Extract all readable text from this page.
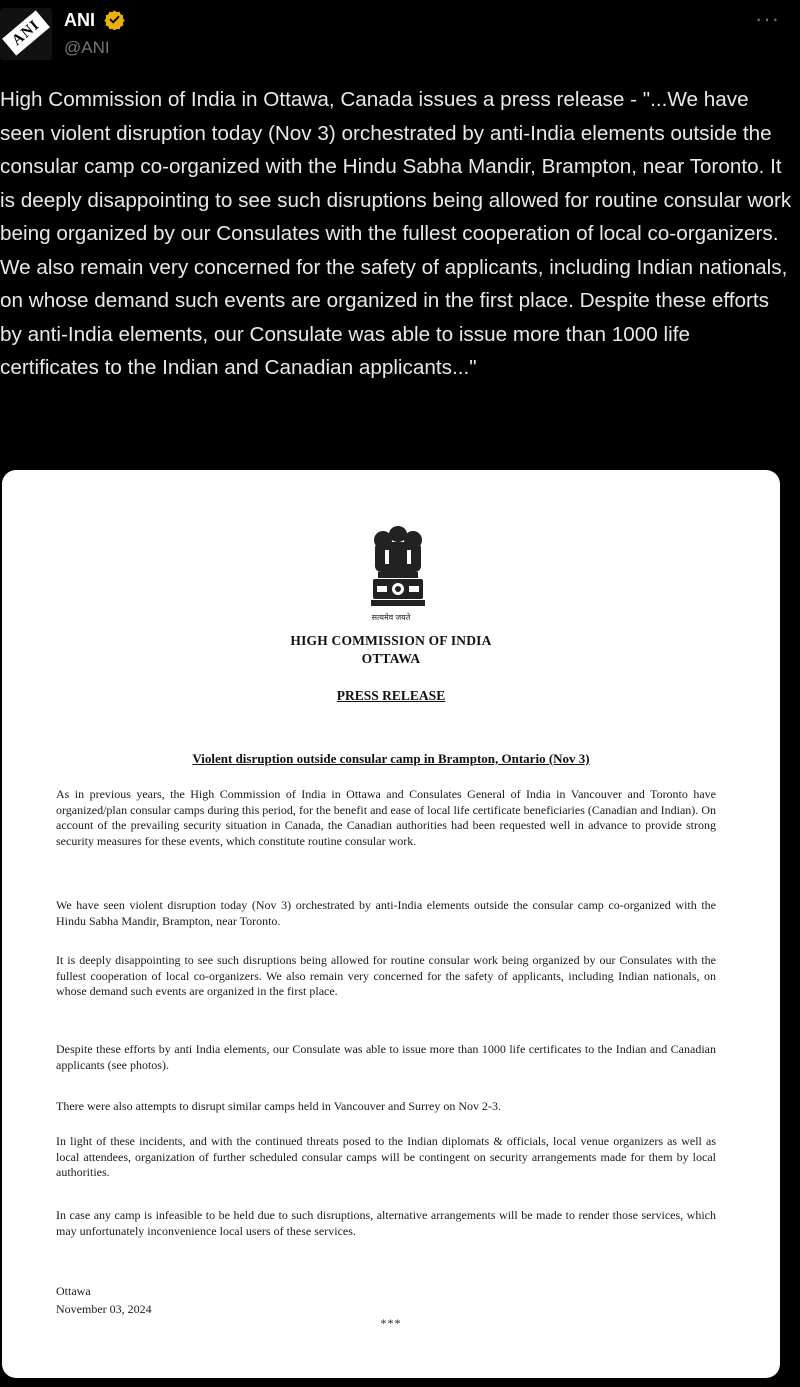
ANI	ANI
@ANI
···
High Commission of India in Ottawa, Canada issues a press release - "...We have seen violent disruption today (Nov 3) orchestrated by anti-India elements outside the consular camp co-organized with the Hindu Sabha Mandir, Brampton, near Toronto. It is deeply disappointing to see such disruptions being allowed for routine consular work being organized by our Consulates with the fullest cooperation of local co-organizers. We also remain very concerned for the safety of applicants, including Indian nationals, on whose demand such events are organized in the first place. Despite these efforts by anti-India elements, our Consulate was able to issue more than 1000 life certificates to the Indian and Canadian applicants..."
सत्यमेव जयते
HIGH COMMISSION OF INDIA
OTTAWA
PRESS RELEASE
Violent disruption outside consular camp in Brampton, Ontario (Nov 3)
As in previous years, the High Commission of India in Ottawa and Consulates General of India in Vancouver and Toronto have organized/plan consular camps during this period, for the benefit and ease of local life certificate beneficiaries (Canadian and Indian). On account of the prevailing security situation in Canada, the Canadian authorities had been requested well in advance to provide strong security measures for these events, which constitute routine consular work.
We have seen violent disruption today (Nov 3) orchestrated by anti-India elements outside the consular camp co-organized with the Hindu Sabha Mandir, Brampton, near Toronto.
It is deeply disappointing to see such disruptions being allowed for routine consular work being organized by our Consulates with the fullest cooperation of local co-organizers. We also remain very concerned for the safety of applicants, including Indian nationals, on whose demand such events are organized in the first place.
Despite these efforts by anti India elements, our Consulate was able to issue more than 1000 life certificates to the Indian and Canadian applicants (see photos).
There were also attempts to disrupt similar camps held in Vancouver and Surrey on Nov 2-3.
In light of these incidents, and with the continued threats posed to the Indian diplomats & officials, local venue organizers as well as local attendees, organization of further scheduled consular camps will be contingent on security arrangements made for them by local authorities.
In case any camp is infeasible to be held due to such disruptions, alternative arrangements will be made to render those services, which may unfortunately inconvenience local users of these services.
Ottawa
November 03, 2024
***
